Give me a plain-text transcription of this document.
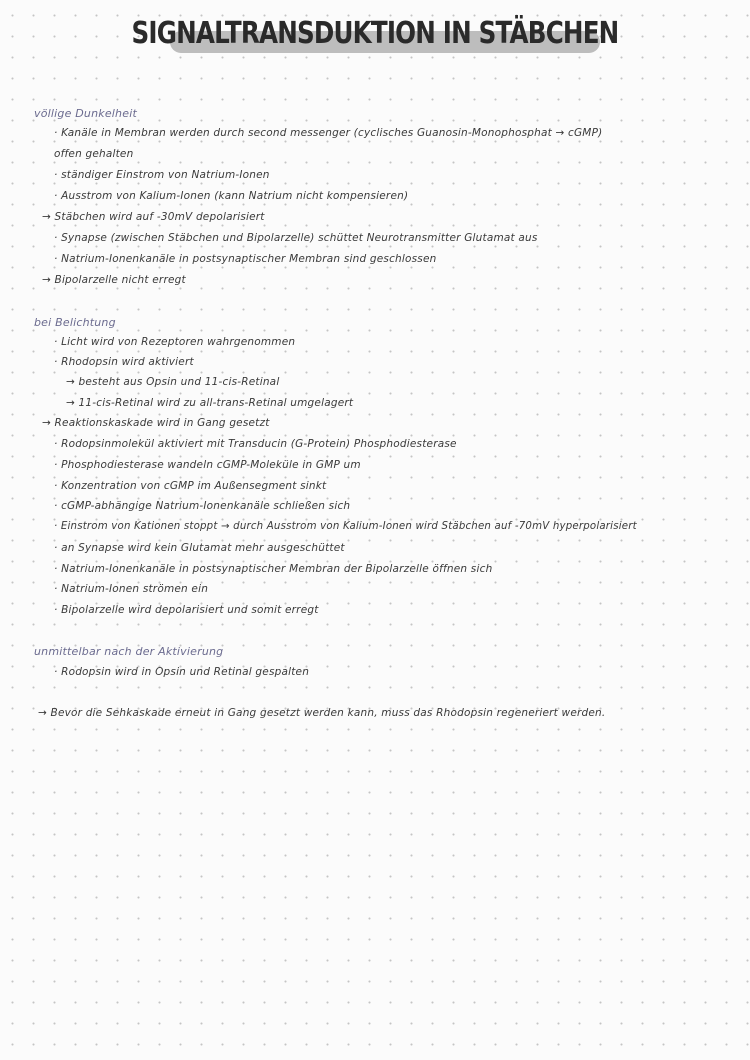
SIGNALTRANSDUKTION IN STÄBCHEN
völlige Dunkelheit
· Kanäle in Membran werden durch second messenger (cyclisches Guanosin-Monophosphat → cGMP)
offen gehalten
· ständiger Einstrom von Natrium-Ionen
· Ausstrom von Kalium-Ionen (kann Natrium nicht kompensieren)
→ Stäbchen wird auf -30mV depolarisiert
· Synapse (zwischen Stäbchen und Bipolarzelle) schüttet Neurotransmitter Glutamat aus
· Natrium-Ionenkanäle in postsynaptischer Membran sind geschlossen
→ Bipolarzelle nicht erregt
bei Belichtung
· Licht wird von Rezeptoren wahrgenommen
· Rhodopsin wird aktiviert
→ besteht aus Opsin und 11-cis-Retinal
→ 11-cis-Retinal wird zu all-trans-Retinal umgelagert
→ Reaktionskaskade wird in Gang gesetzt
· Rodopsinmolekül aktiviert mit Transducin (G-Protein) Phosphodiesterase
· Phosphodiesterase wandeln cGMP-Moleküle in GMP um
· Konzentration von cGMP im Außensegment sinkt
· cGMP-abhängige Natrium-Ionenkanäle schließen sich
· Einstrom von Kationen stoppt → durch Ausstrom von Kalium-Ionen wird Stäbchen auf -70mV hyperpolarisiert
· an Synapse wird kein Glutamat mehr ausgeschüttet
· Natrium-Ionenkanäle in postsynaptischer Membran der Bipolarzelle öffnen sich
· Natrium-Ionen strömen ein
· Bipolarzelle wird depolarisiert und somit erregt
unmittelbar nach der Aktivierung
· Rodopsin wird in Opsin und Retinal gespalten
→ Bevor die Sehkaskade erneut in Gang gesetzt werden kann, muss das Rhodopsin regeneriert werden.
